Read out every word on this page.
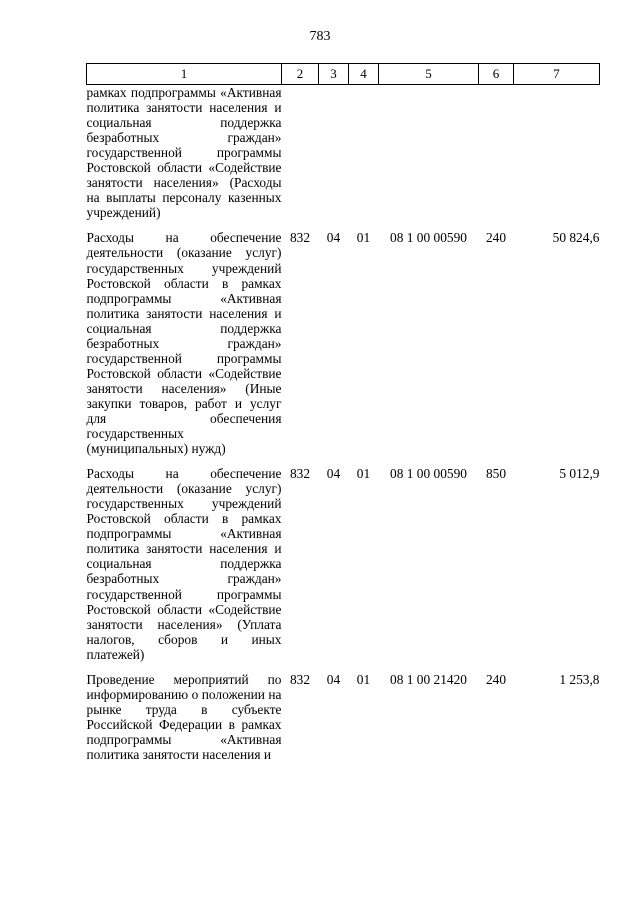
783
1	2	3	4	5	6	7
рамках подпрограммы «Активная политика занятости населения и социальная поддержка безработных граждан» государственной программы Ростовской области «Содействие занятости населения» (Расходы на выплаты персоналу казенных учреждений)						

Расходы на обеспечение деятельности (оказание услуг) государственных учреждений Ростовской области в рамках подпрограммы «Активная политика занятости населения и социальная поддержка безработных граждан» государственной программы Ростовской области «Содействие занятости населения» (Иные закупки товаров, работ и услуг для обеспечения государственных (муниципальных) нужд)	832	04	01	08 1 00 00590	240	50 824,6

Расходы на обеспечение деятельности (оказание услуг) государственных учреждений Ростовской области в рамках подпрограммы «Активная политика занятости населения и социальная поддержка безработных граждан» государственной программы Ростовской области «Содействие занятости населения» (Уплата налогов, сборов и иных платежей)	832	04	01	08 1 00 00590	850	5 012,9

Проведение мероприятий по информированию о положении на рынке труда в субъекте Российской Федерации в рамках подпрограммы «Активная политика занятости населения и	832	04	01	08 1 00 21420	240	1 253,8
